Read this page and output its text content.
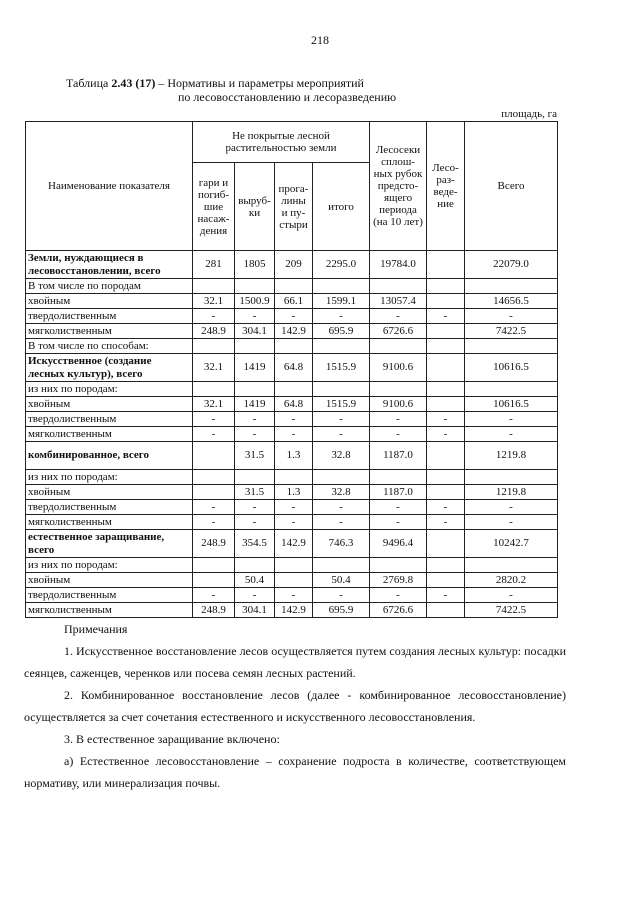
218
Таблица 2.43 (17) – Нормативы и параметры мероприятий
по лесовосстановлению и лесоразведению
площадь, га
Наименование показателя	Не покрытые лесной растительностью земли				Лесосеки сплош-ных рубок предсто-ящего периода (на 10 лет)	Лесо-раз-веде-ние	Всего
	гари и погиб-шие насаж-дения	выруб-ки	прога-лины и пу-стыри	итого			
Земли, нуждающиеся в лесовосстановлении, всего	281	1805	209	2295.0	19784.0		22079.0
В том числе по породам							
хвойным	32.1	1500.9	66.1	1599.1	13057.4		14656.5
твердолиственным	-	-	-	-	-	-	-
мягколиственным	248.9	304.1	142.9	695.9	6726.6		7422.5
В том числе по способам:							
Искусственное (создание лесных культур), всего	32.1	1419	64.8	1515.9	9100.6		10616.5
из них по породам:							
хвойным	32.1	1419	64.8	1515.9	9100.6		10616.5
твердолиственным	-	-	-	-	-	-	-
мягколиственным	-	-	-	-	-	-	-
комбинированное, всего		31.5	1.3	32.8	1187.0		1219.8
из них по породам:							
хвойным		31.5	1.3	32.8	1187.0		1219.8
твердолиственным	-	-	-	-	-	-	-
мягколиственным	-	-	-	-	-	-	-
естественное заращивание, всего	248.9	354.5	142.9	746.3	9496.4		10242.7
из них по породам:							
хвойным		50.4		50.4	2769.8		2820.2
твердолиственным	-	-	-	-	-	-	-
мягколиственным	248.9	304.1	142.9	695.9	6726.6		7422.5
Примечания

1. Искусственное восстановление лесов осуществляется путем создания лесных культур: посадки сеянцев, саженцев, черенков или посева семян лесных растений.

2. Комбинированное восстановление лесов (далее - комбинированное лесовосстановление) осуществляется за счет сочетания естественного и искусственного лесовосстановления.

3. В естественное заращивание включено:

а) Естественное лесовосстановление – сохранение подроста в количестве, соответствующем нормативу, или минерализация почвы.
